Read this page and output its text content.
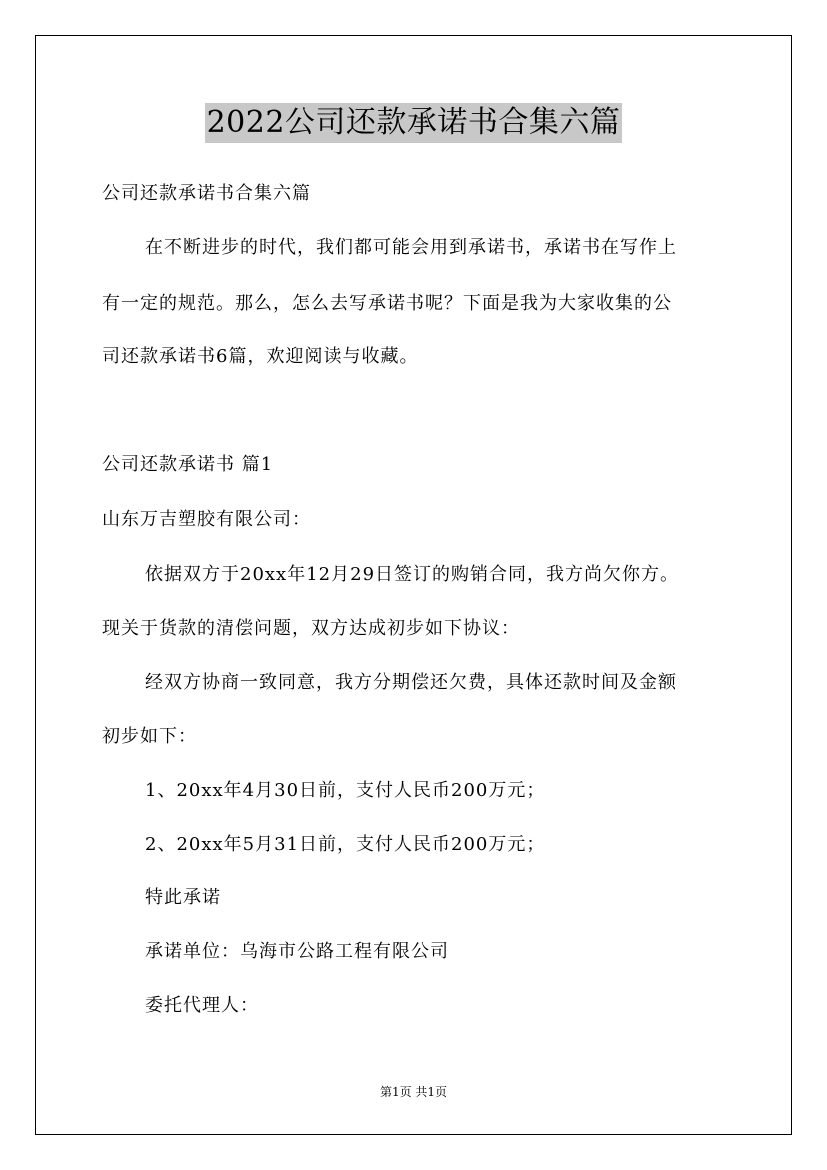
2022公司还款承诺书合集六篇
公司还款承诺书合集六篇
在不断进步的时代，我们都可能会用到承诺书，承诺书在写作上
有一定的规范。那么，怎么去写承诺书呢？下面是我为大家收集的公
司还款承诺书6篇，欢迎阅读与收藏。
公司还款承诺书 篇1
山东万吉塑胶有限公司：
依据双方于20xx年12月29日签订的购销合同，我方尚欠你方。
现关于货款的清偿问题，双方达成初步如下协议：
经双方协商一致同意，我方分期偿还欠费，具体还款时间及金额
初步如下：
1、20xx年4月30日前，支付人民币200万元；
2、20xx年5月31日前，支付人民币200万元；
特此承诺
承诺单位：乌海市公路工程有限公司
委托代理人：
第1页 共1页
